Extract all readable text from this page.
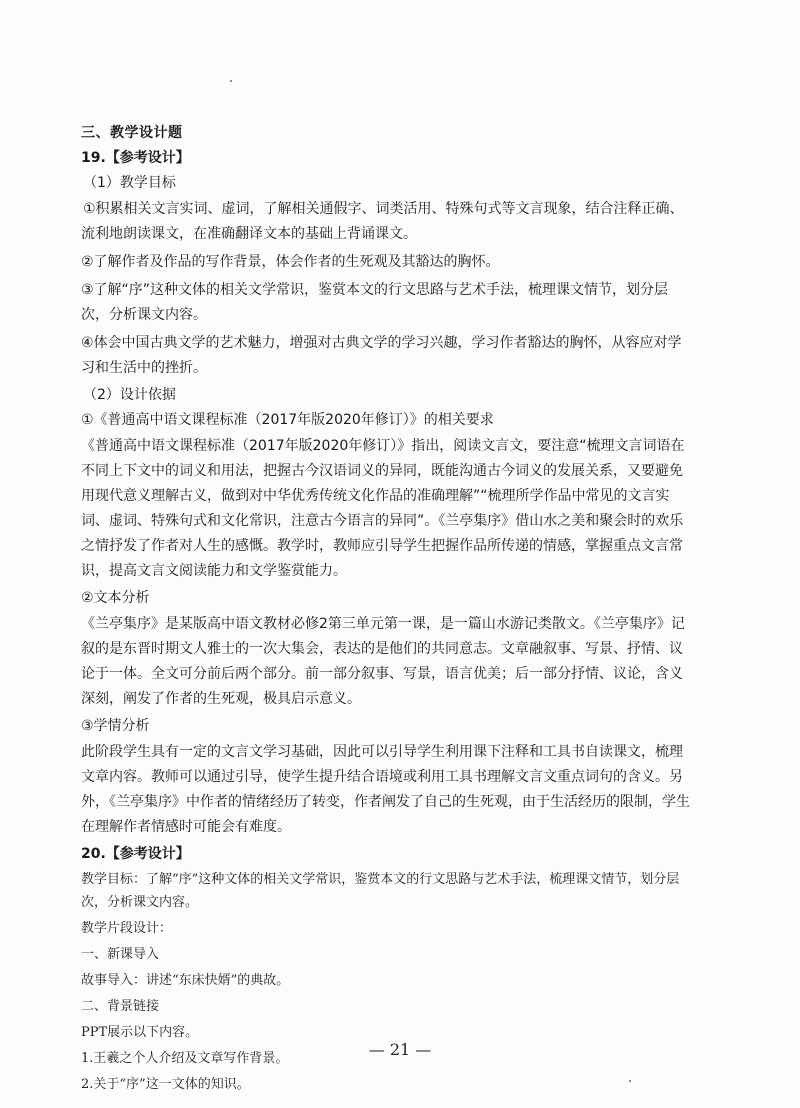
三、教学设计题

19.【参考设计】

（1）教学目标

①积累相关文言实词、虚词，了解相关通假字、词类活用、特殊句式等文言现象，结合注释正确、流利地朗读课文，在准确翻译文本的基础上背诵课文。

②了解作者及作品的写作背景，体会作者的生死观及其豁达的胸怀。

③了解“序”这种文体的相关文学常识，鉴赏本文的行文思路与艺术手法，梳理课文情节，划分层次，分析课文内容。

④体会中国古典文学的艺术魅力，增强对古典文学的学习兴趣，学习作者豁达的胸怀，从容应对学习和生活中的挫折。

（2）设计依据

①《普通高中语文课程标准（2017年版2020年修订）》的相关要求

《普通高中语文课程标准（2017年版2020年修订）》指出，阅读文言文，要注意“梳理文言词语在不同上下文中的词义和用法，把握古今汉语词义的异同，既能沟通古今词义的发展关系，又要避免用现代意义理解古义，做到对中华优秀传统文化作品的准确理解”“梳理所学作品中常见的文言实词、虚词、特殊句式和文化常识，注意古今语言的异同”。《兰亭集序》借山水之美和聚会时的欢乐之情抒发了作者对人生的感慨。教学时，教师应引导学生把握作品所传递的情感，掌握重点文言常识，提高文言文阅读能力和文学鉴赏能力。

②文本分析

《兰亭集序》是某版高中语文教材必修2第三单元第一课，是一篇山水游记类散文。《兰亭集序》记叙的是东晋时期文人雅士的一次大集会，表达的是他们的共同意志。文章融叙事、写景、抒情、议论于一体。全文可分前后两个部分。前一部分叙事、写景，语言优美；后一部分抒情、议论，含义深刻，阐发了作者的生死观，极具启示意义。

③学情分析

此阶段学生具有一定的文言文学习基础，因此可以引导学生利用课下注释和工具书自读课文，梳理文章内容。教师可以通过引导，使学生提升结合语境或利用工具书理解文言文重点词句的含义。另外，《兰亭集序》中作者的情绪经历了转变，作者阐发了自己的生死观，由于生活经历的限制，学生在理解作者情感时可能会有难度。

20.【参考设计】

教学目标：了解“序”这种文体的相关文学常识，鉴赏本文的行文思路与艺术手法，梳理课文情节，划分层次，分析课文内容。

教学片段设计：

一、新课导入

故事导入：讲述“东床快婿”的典故。

二、背景链接

PPT展示以下内容。

1.王羲之个人介绍及文章写作背景。

2.关于“序”这一文体的知识。

— 21 —
